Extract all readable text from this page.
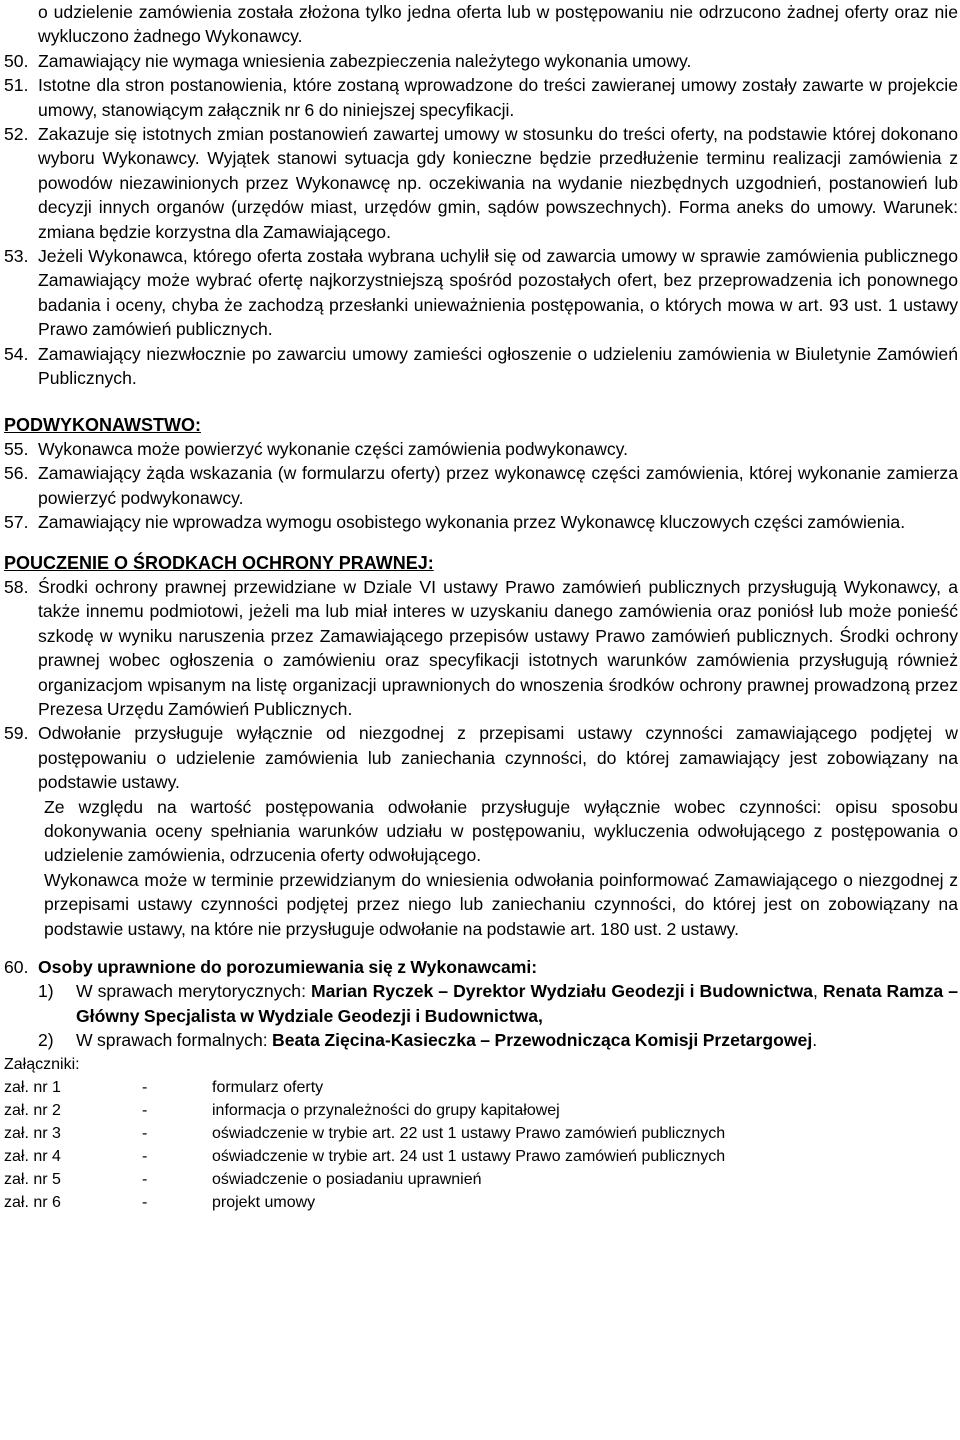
o udzielenie zamówienia została złożona tylko jedna oferta lub w postępowaniu nie odrzucono żadnej oferty oraz nie wykluczono żadnego Wykonawcy.

50. Zamawiający nie wymaga wniesienia zabezpieczenia należytego wykonania umowy.
51. Istotne dla stron postanowienia, które zostaną wprowadzone do treści zawieranej umowy zostały zawarte w projekcie umowy, stanowiącym załącznik nr 6 do niniejszej specyfikacji.
52. Zakazuje się istotnych zmian postanowień zawartej umowy w stosunku do treści oferty, na podstawie której dokonano wyboru Wykonawcy. Wyjątek stanowi sytuacja gdy konieczne będzie przedłużenie terminu realizacji zamówienia z powodów niezawinionych przez Wykonawcę np. oczekiwania na wydanie niezbędnych uzgodnień, postanowień lub decyzji innych organów (urzędów miast, urzędów gmin, sądów powszechnych). Forma aneks do umowy. Warunek: zmiana będzie korzystna dla Zamawiającego.
53. Jeżeli Wykonawca, którego oferta została wybrana uchylił się od zawarcia umowy w sprawie zamówienia publicznego Zamawiający może wybrać ofertę najkorzystniejszą spośród pozostałych ofert, bez przeprowadzenia ich ponownego badania i oceny, chyba że zachodzą przesłanki unieważnienia postępowania, o których mowa w art. 93 ust. 1 ustawy Prawo zamówień publicznych.
54. Zamawiający niezwłocznie po zawarciu umowy zamieści ogłoszenie o udzieleniu zamówienia w Biuletynie Zamówień Publicznych.
PODWYKONAWSTWO:
55. Wykonawca może powierzyć wykonanie części zamówienia podwykonawcy.
56. Zamawiający żąda wskazania (w formularzu oferty) przez wykonawcę części zamówienia, której wykonanie zamierza powierzyć podwykonawcy.
57. Zamawiający nie wprowadza wymogu osobistego wykonania przez Wykonawcę kluczowych części zamówienia.
POUCZENIE O ŚRODKACH OCHRONY PRAWNEJ:
58. Środki ochrony prawnej przewidziane w Dziale VI ustawy Prawo zamówień publicznych przysługują Wykonawcy, a także innemu podmiotowi, jeżeli ma lub miał interes w uzyskaniu danego zamówienia oraz poniósł lub może ponieść szkodę w wyniku naruszenia przez Zamawiającego przepisów ustawy Prawo zamówień publicznych. Środki ochrony prawnej wobec ogłoszenia o zamówieniu oraz specyfikacji istotnych warunków zamówienia przysługują również organizacjom wpisanym na listę organizacji uprawnionych do wnoszenia środków ochrony prawnej prowadzoną przez Prezesa Urzędu Zamówień Publicznych.
59. Odwołanie przysługuje wyłącznie od niezgodnej z przepisami ustawy czynności zamawiającego podjętej w postępowaniu o udzielenie zamówienia lub zaniechania czynności, do której zamawiający jest zobowiązany na podstawie ustawy.

Ze względu na wartość postępowania odwołanie przysługuje wyłącznie wobec czynności: opisu sposobu dokonywania oceny spełniania warunków udziału w postępowaniu, wykluczenia odwołującego z postępowania o udzielenie zamówienia, odrzucenia oferty odwołującego.

Wykonawca może w terminie przewidzianym do wniesienia odwołania poinformować Zamawiającego o niezgodnej z przepisami ustawy czynności podjętej przez niego lub zaniechaniu czynności, do której jest on zobowiązany na podstawie ustawy, na które nie przysługuje odwołanie na podstawie art. 180 ust. 2 ustawy.

60. Osoby uprawnione do porozumiewania się z Wykonawcami:
1)	W sprawach merytorycznych: Marian Ryczek – Dyrektor Wydziału Geodezji i Budownictwa, Renata Ramza – Główny Specjalista w Wydziale Geodezji i Budownictwa,
2)	W sprawach formalnych: Beata Zięcina-Kasieczka – Przewodnicząca Komisji Przetargowej.
Załączniki:
zał. nr 1	-	formularz oferty
zał. nr 2	-	informacja o przynależności do grupy kapitałowej
zał. nr 3	-	oświadczenie w trybie art. 22 ust 1 ustawy Prawo zamówień publicznych
zał. nr 4	-	oświadczenie w trybie art. 24 ust 1 ustawy Prawo zamówień publicznych
zał. nr 5	-	oświadczenie o posiadaniu uprawnień
zał. nr 6	-	projekt umowy
